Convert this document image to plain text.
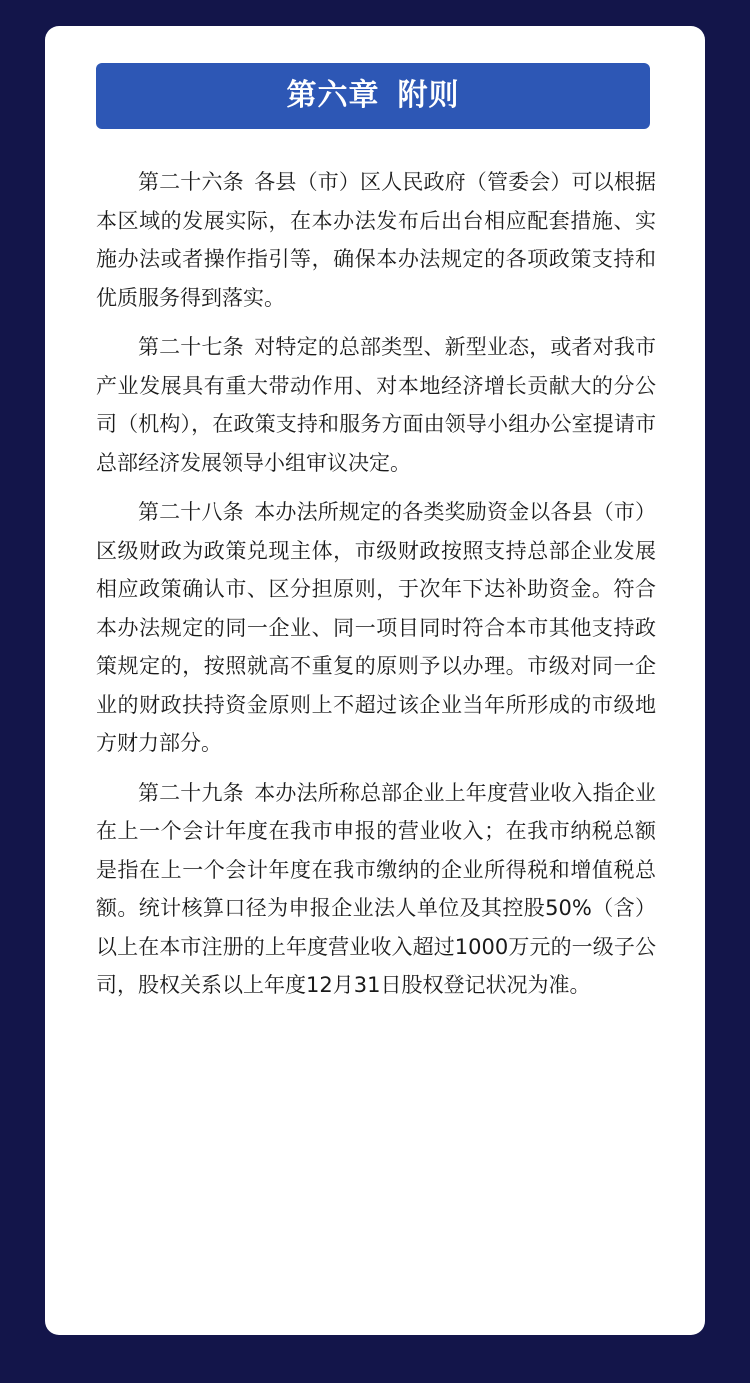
第六章 附则

第二十六条 各县（市）区人民政府（管委会）可以根据本区域的发展实际，在本办法发布后出台相应配套措施、实施办法或者操作指引等，确保本办法规定的各项政策支持和优质服务得到落实。

第二十七条 对特定的总部类型、新型业态，或者对我市产业发展具有重大带动作用、对本地经济增长贡献大的分公司（机构），在政策支持和服务方面由领导小组办公室提请市总部经济发展领导小组审议决定。

第二十八条 本办法所规定的各类奖励资金以各县（市）区级财政为政策兑现主体，市级财政按照支持总部企业发展相应政策确认市、区分担原则，于次年下达补助资金。符合本办法规定的同一企业、同一项目同时符合本市其他支持政策规定的，按照就高不重复的原则予以办理。市级对同一企业的财政扶持资金原则上不超过该企业当年所形成的市级地方财力部分。

第二十九条 本办法所称总部企业上年度营业收入指企业在上一个会计年度在我市申报的营业收入；在我市纳税总额是指在上一个会计年度在我市缴纳的企业所得税和增值税总额。统计核算口径为申报企业法人单位及其控股50%（含）以上在本市注册的上年度营业收入超过1000万元的一级子公司，股权关系以上年度12月31日股权登记状况为准。
